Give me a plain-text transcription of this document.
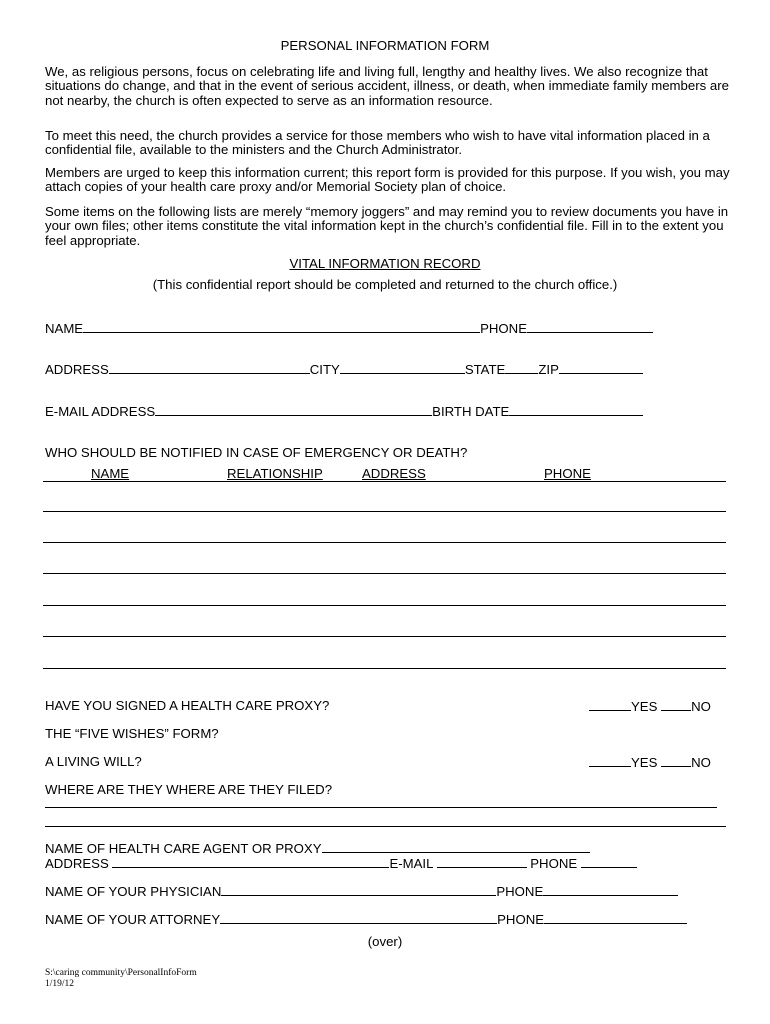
PERSONAL INFORMATION FORM
We, as religious persons, focus on celebrating life and living full, lengthy and healthy lives. We also recognize that situations do change, and that in the event of serious accident, illness, or death, when immediate family members are not nearby, the church is often expected to serve as an information resource.
To meet this need, the church provides a service for those members who wish to have vital information placed in a confidential file, available to the ministers and the Church Administrator.
Members are urged to keep this information current; this report form is provided for this purpose. If you wish, you may attach copies of your health care proxy and/or Memorial Society plan of choice.
Some items on the following lists are merely “memory joggers” and may remind you to review documents you have in your own files; other items constitute the vital information kept in the church’s confidential file. Fill in to the extent you feel appropriate.
VITAL INFORMATION RECORD
(This confidential report should be completed and returned to the church office.)
NAME	PHONE
ADDRESS	CITY	STATE	ZIP
E-MAIL ADDRESS	BIRTH DATE
WHO SHOULD BE NOTIFIED IN CASE OF EMERGENCY OR DEATH?
NAME	RELATIONSHIP	ADDRESS	PHONE
HAVE YOU SIGNED A HEALTH CARE PROXY?	YES	NO
THE “FIVE WISHES” FORM?
A LIVING WILL?	YES	NO
WHERE ARE THEY WHERE ARE THEY FILED?
NAME OF HEALTH CARE AGENT OR PROXY
ADDRESS	E-MAIL	PHONE
NAME OF YOUR PHYSICIAN	PHONE
NAME OF YOUR ATTORNEY	PHONE
(over)
S:\caring community\PersonalInfoForm
1/19/12
